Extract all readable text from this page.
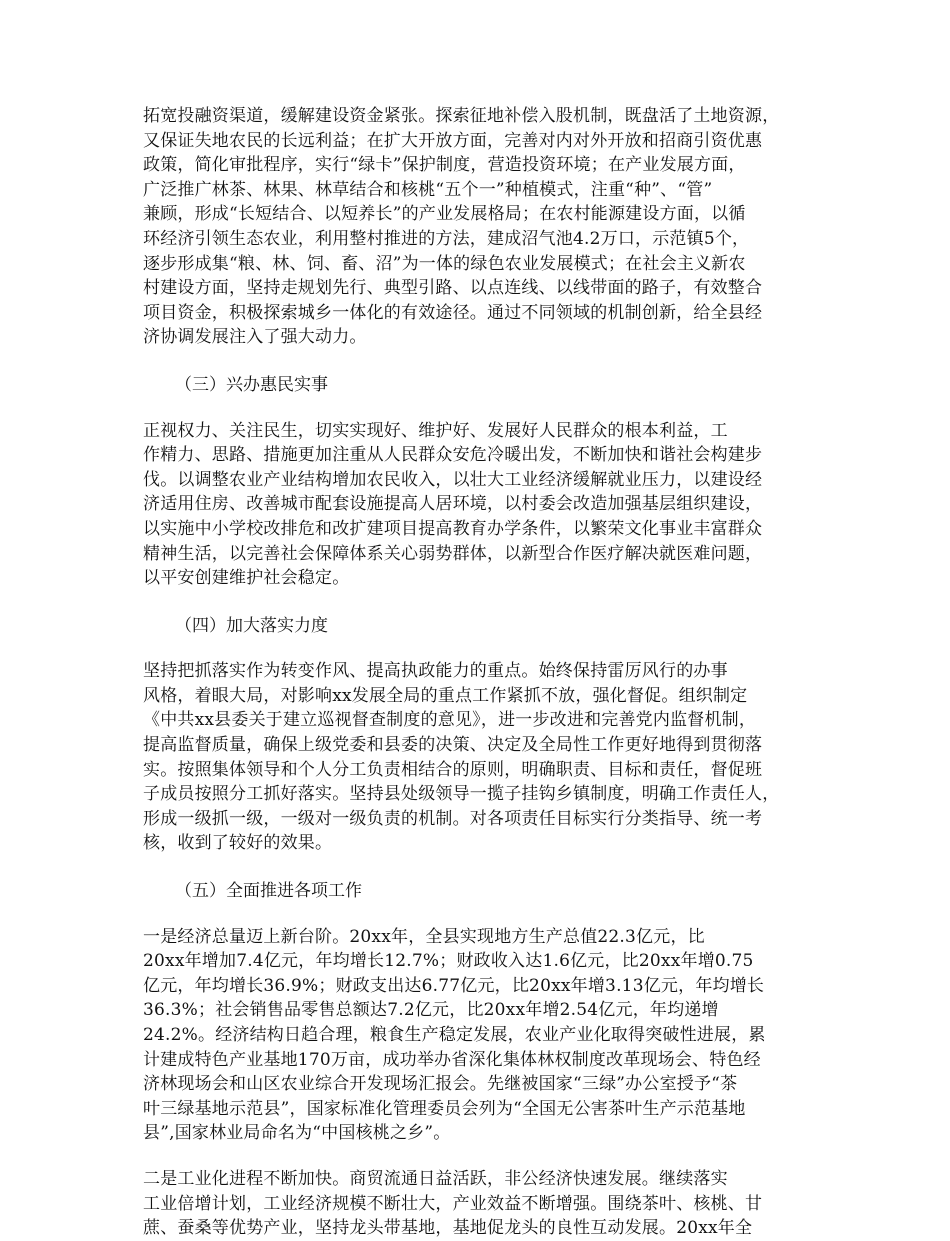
拓宽投融资渠道，缓解建设资金紧张。探索征地补偿入股机制，既盘活了土地资源，
又保证失地农民的长远利益；在扩大开放方面，完善对内对外开放和招商引资优惠
政策，简化审批程序，实行“绿卡”保护制度，营造投资环境；在产业发展方面，
广泛推广林茶、林果、林草结合和核桃“五个一”种植模式，注重“种”、“管”
兼顾，形成“长短结合、以短养长”的产业发展格局；在农村能源建设方面，以循
环经济引领生态农业，利用整村推进的方法，建成沼气池4.2万口，示范镇5个，
逐步形成集“粮、林、饲、畜、沼”为一体的绿色农业发展模式；在社会主义新农
村建设方面，坚持走规划先行、典型引路、以点连线、以线带面的路子，有效整合
项目资金，积极探索城乡一体化的有效途径。通过不同领域的机制创新，给全县经
济协调发展注入了强大动力。
（三）兴办惠民实事
正视权力、关注民生，切实实现好、维护好、发展好人民群众的根本利益，工
作精力、思路、措施更加注重从人民群众安危冷暖出发，不断加快和谐社会构建步
伐。以调整农业产业结构增加农民收入，以壮大工业经济缓解就业压力，以建设经
济适用住房、改善城市配套设施提高人居环境，以村委会改造加强基层组织建设，
以实施中小学校改排危和改扩建项目提高教育办学条件，以繁荣文化事业丰富群众
精神生活，以完善社会保障体系关心弱势群体，以新型合作医疗解决就医难问题，
以平安创建维护社会稳定。
（四）加大落实力度
坚持把抓落实作为转变作风、提高执政能力的重点。始终保持雷厉风行的办事
风格，着眼大局，对影响xx发展全局的重点工作紧抓不放，强化督促。组织制定
《中共xx县委关于建立巡视督查制度的意见》，进一步改进和完善党内监督机制，
提高监督质量，确保上级党委和县委的决策、决定及全局性工作更好地得到贯彻落
实。按照集体领导和个人分工负责相结合的原则，明确职责、目标和责任，督促班
子成员按照分工抓好落实。坚持县处级领导一揽子挂钩乡镇制度，明确工作责任人，
形成一级抓一级，一级对一级负责的机制。对各项责任目标实行分类指导、统一考
核，收到了较好的效果。
（五）全面推进各项工作
一是经济总量迈上新台阶。20xx年，全县实现地方生产总值22.3亿元，比
20xx年增加7.4亿元，年均增长12.7%；财政收入达1.6亿元，比20xx年增0.75
亿元，年均增长36.9%；财政支出达6.77亿元，比20xx年增3.13亿元，年均增长
36.3%；社会销售品零售总额达7.2亿元，比20xx年增2.54亿元，年均递增
24.2%。经济结构日趋合理，粮食生产稳定发展，农业产业化取得突破性进展，累
计建成特色产业基地170万亩，成功举办省深化集体林权制度改革现场会、特色经
济林现场会和山区农业综合开发现场汇报会。先继被国家“三绿”办公室授予“茶
叶三绿基地示范县”，国家标准化管理委员会列为“全国无公害茶叶生产示范基地
县”,国家林业局命名为“中国核桃之乡”。
二是工业化进程不断加快。商贸流通日益活跃，非公经济快速发展。继续落实
工业倍增计划，工业经济规模不断壮大，产业效益不断增强。围绕茶叶、核桃、甘
蔗、蚕桑等优势产业，坚持龙头带基地，基地促龙头的良性互动发展。20xx年全
